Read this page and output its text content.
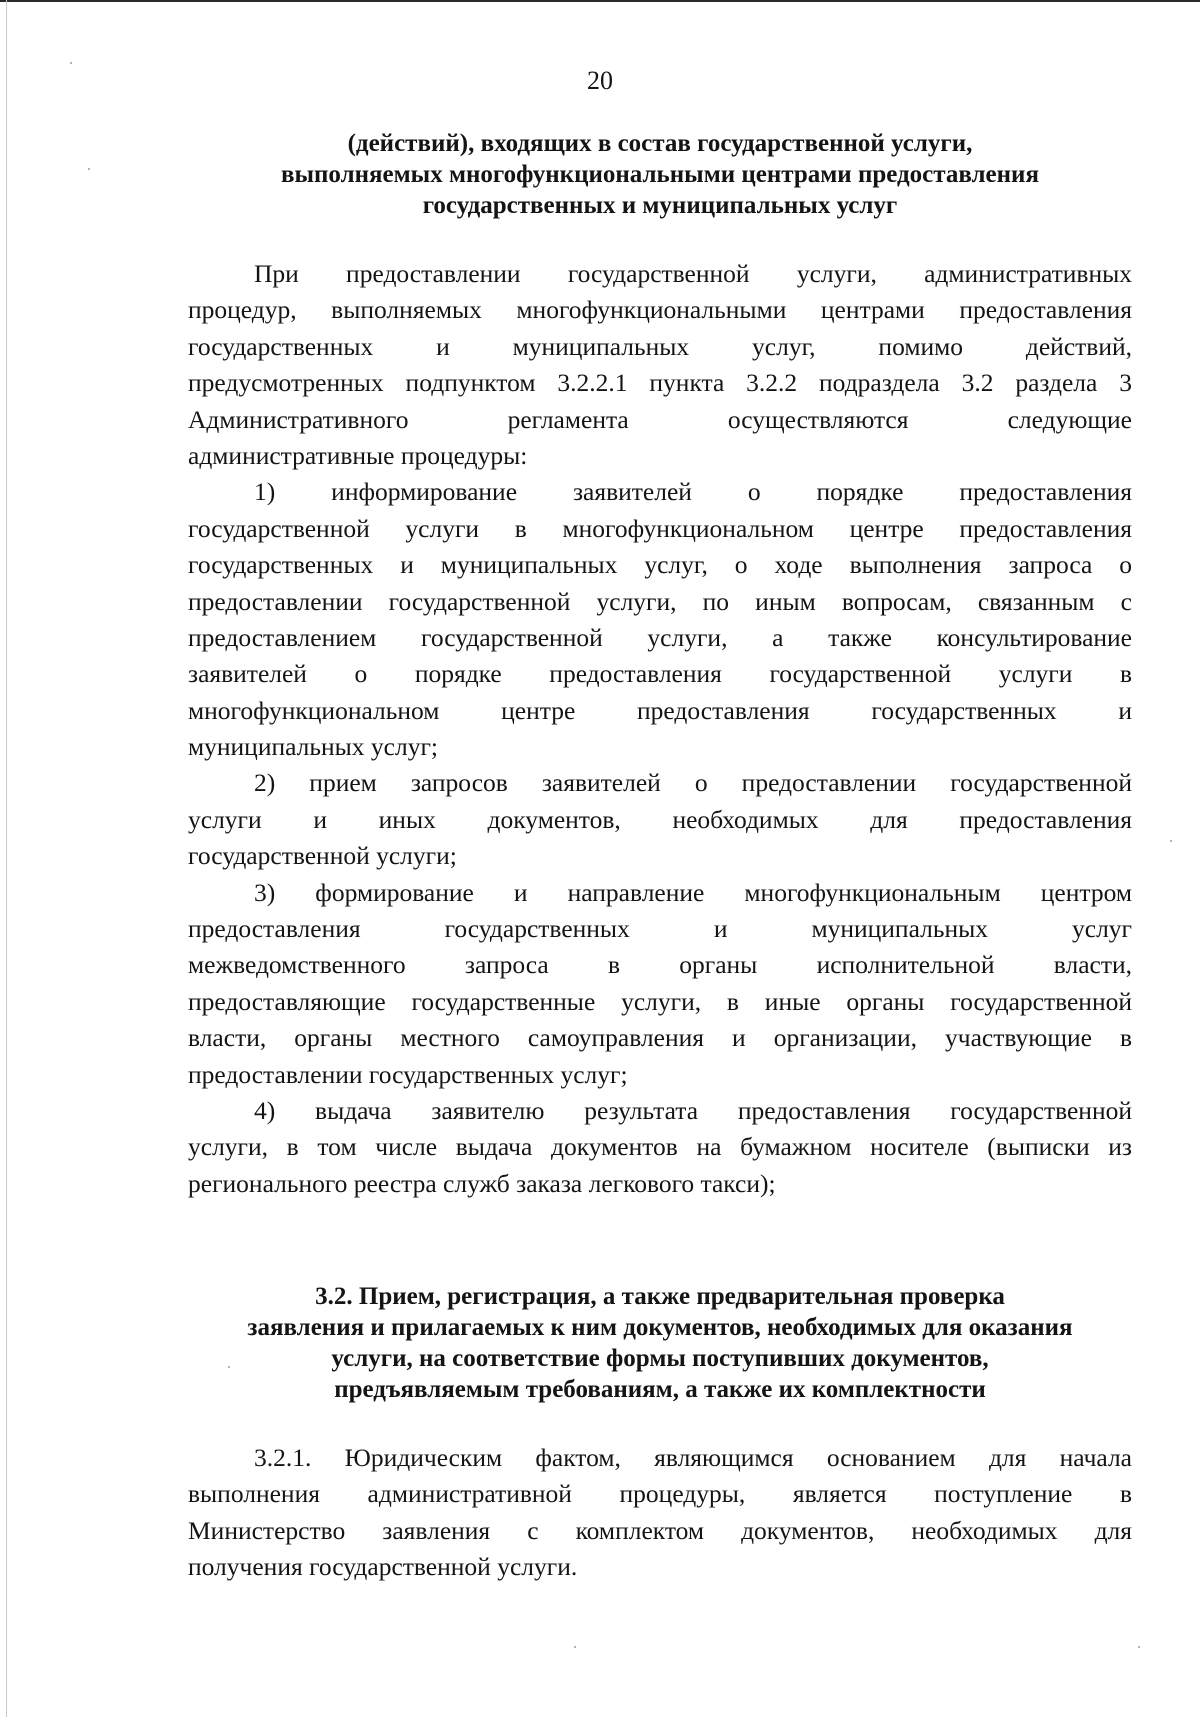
20
(действий), входящих в состав государственной услуги,
выполняемых многофункциональными центрами предоставления
государственных и муниципальных услуг
При предоставлении государственной услуги, административных
процедур, выполняемых многофункциональными центрами предоставления
государственных и муниципальных услуг, помимо действий,
предусмотренных подпунктом 3.2.2.1 пункта 3.2.2 подраздела 3.2 раздела 3
Административного регламента осуществляются следующие
административные процедуры:
1) информирование заявителей о порядке предоставления
государственной услуги в многофункциональном центре предоставления
государственных и муниципальных услуг, о ходе выполнения запроса о
предоставлении государственной услуги, по иным вопросам, связанным с
предоставлением государственной услуги, а также консультирование
заявителей о порядке предоставления государственной услуги в
многофункциональном центре предоставления государственных и
муниципальных услуг;
2) прием запросов заявителей о предоставлении государственной
услуги и иных документов, необходимых для предоставления
государственной услуги;
3) формирование и направление многофункциональным центром
предоставления государственных и муниципальных услуг
межведомственного запроса в органы исполнительной власти,
предоставляющие государственные услуги, в иные органы государственной
власти, органы местного самоуправления и организации, участвующие в
предоставлении государственных услуг;
4) выдача заявителю результата предоставления государственной
услуги, в том числе выдача документов на бумажном носителе (выписки из
регионального реестра служб заказа легкового такси);
3.2. Прием, регистрация, а также предварительная проверка
заявления и прилагаемых к ним документов, необходимых для оказания
услуги, на соответствие формы поступивших документов,
предъявляемым требованиям, а также их комплектности
3.2.1. Юридическим фактом, являющимся основанием для начала
выполнения административной процедуры, является поступление в
Министерство заявления с комплектом документов, необходимых для
получения государственной услуги.
